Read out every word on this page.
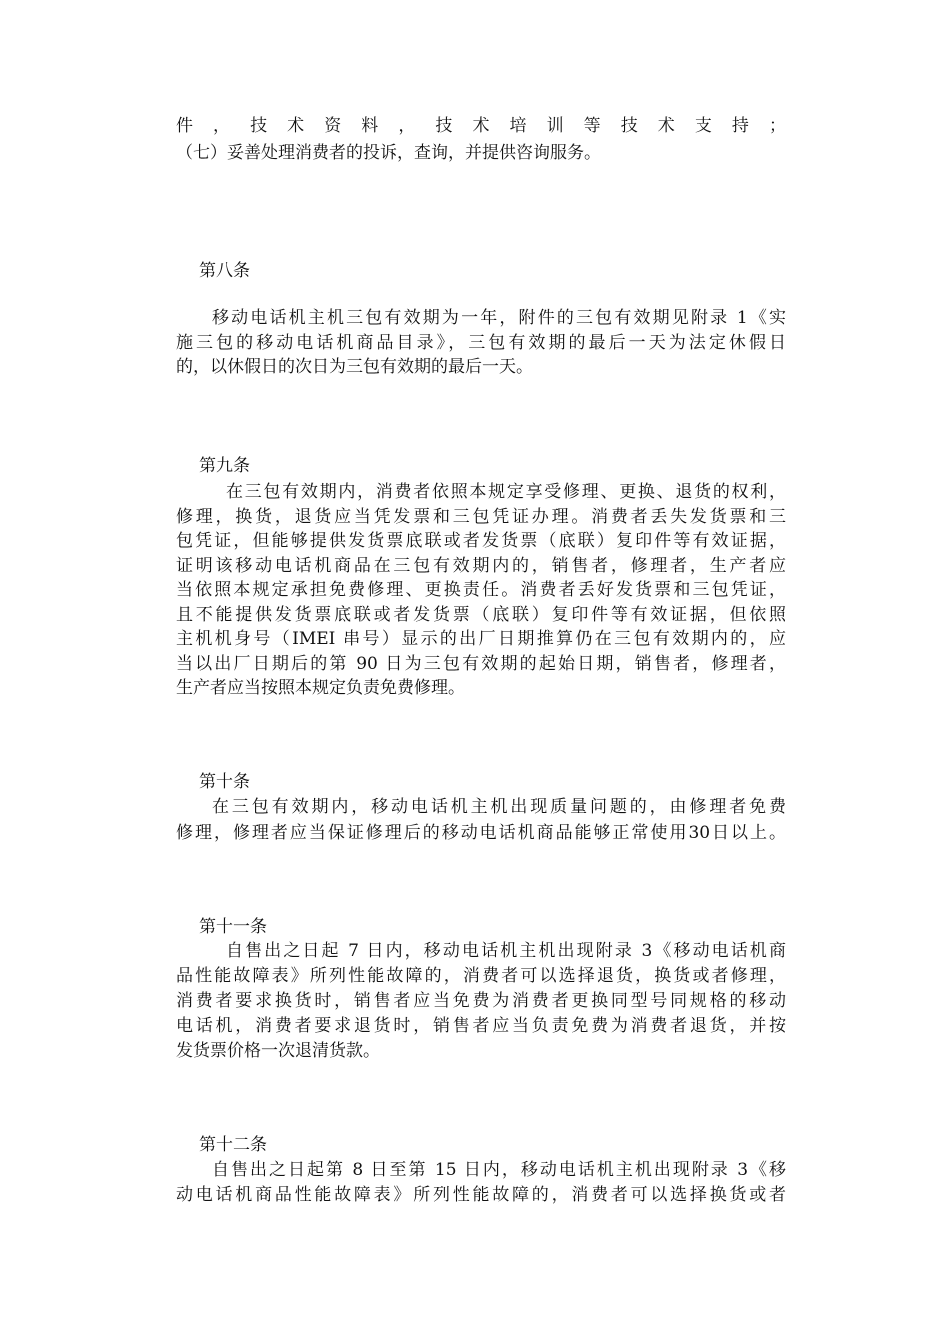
件，技术资料，技术培训等技术支持；
（七）妥善处理消费者的投诉，查询，并提供咨询服务。
第八条
移动电话机主机三包有效期为一年，附件的三包有效期见附录 1《实
施三包的移动电话机商品目录》，三包有效期的最后一天为法定休假日
的，以休假日的次日为三包有效期的最后一天。
第九条
在三包有效期内，消费者依照本规定享受修理、更换、退货的权利，
修理，换货，退货应当凭发票和三包凭证办理。消费者丢失发货票和三
包凭证，但能够提供发货票底联或者发货票（底联）复印件等有效证据，
证明该移动电话机商品在三包有效期内的，销售者，修理者，生产者应
当依照本规定承担免费修理、更换责任。消费者丢好发货票和三包凭证，
且不能提供发货票底联或者发货票（底联）复印件等有效证据，但依照
主机机身号（IMEI 串号）显示的出厂日期推算仍在三包有效期内的，应
当以出厂日期后的第 90 日为三包有效期的起始日期，销售者，修理者，
生产者应当按照本规定负责免费修理。
第十条
在三包有效期内，移动电话机主机出现质量问题的，由修理者免费
修理，修理者应当保证修理后的移动电话机商品能够正常使用30日以上。
第十一条
自售出之日起 7 日内，移动电话机主机出现附录 3《移动电话机商
品性能故障表》所列性能故障的，消费者可以选择退货，换货或者修理，
消费者要求换货时，销售者应当免费为消费者更换同型号同规格的移动
电话机，消费者要求退货时，销售者应当负责免费为消费者退货，并按
发货票价格一次退清货款。
第十二条
自售出之日起第 8 日至第 15 日内，移动电话机主机出现附录 3《移
动电话机商品性能故障表》所列性能故障的，消费者可以选择换货或者
